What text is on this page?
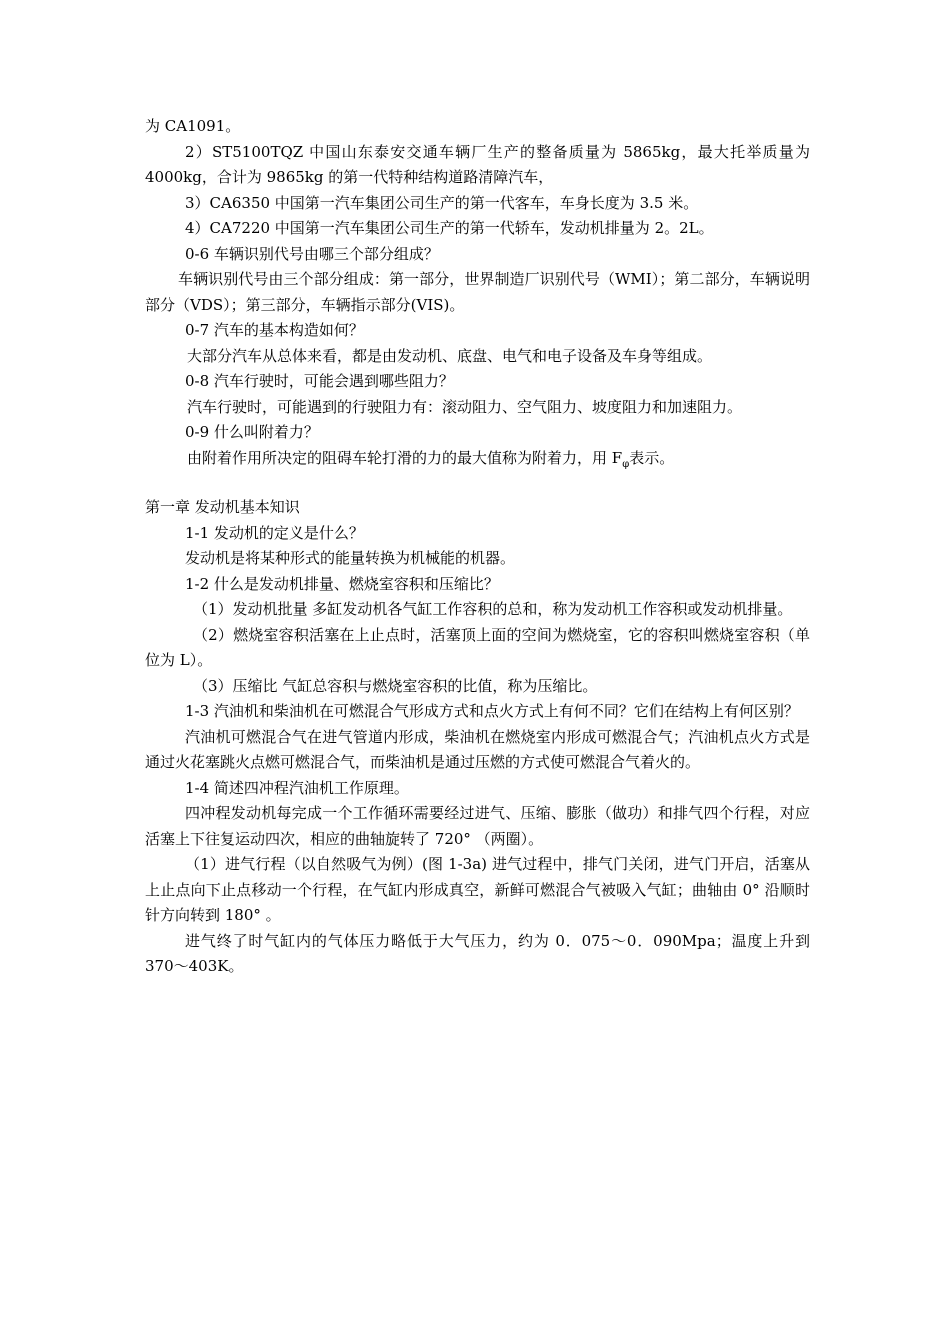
为 CA1091。

2）ST5100TQZ 中国山东泰安交通车辆厂生产的整备质量为 5865kg，最大托举质量为 4000kg，合计为 9865kg 的第一代特种结构道路清障汽车，

3）CA6350 中国第一汽车集团公司生产的第一代客车，车身长度为 3.5 米。

4）CA7220 中国第一汽车集团公司生产的第一代轿车，发动机排量为 2。2L。

0-6 车辆识别代号由哪三个部分组成？

车辆识别代号由三个部分组成：第一部分，世界制造厂识别代号（WMI）；第二部分，车辆说明部分（VDS）；第三部分，车辆指示部分(VIS)。

0-7 汽车的基本构造如何？

大部分汽车从总体来看，都是由发动机、底盘、电气和电子设备及车身等组成。

0-8 汽车行驶时，可能会遇到哪些阻力？

汽车行驶时，可能遇到的行驶阻力有：滚动阻力、空气阻力、坡度阻力和加速阻力。

0-9 什么叫附着力？

由附着作用所决定的阻碍车轮打滑的力的最大值称为附着力，用 $F_\varphi$表示。

第一章 发动机基本知识

1-1 发动机的定义是什么？

发动机是将某种形式的能量转换为机械能的机器。

1-2 什么是发动机排量、燃烧室容积和压缩比？

（1）发动机批量 多缸发动机各气缸工作容积的总和，称为发动机工作容积或发动机排量。

（2）燃烧室容积活塞在上止点时，活塞顶上面的空间为燃烧室，它的容积叫燃烧室容积（单位为 L）。

（3）压缩比 气缸总容积与燃烧室容积的比值，称为压缩比。

1-3 汽油机和柴油机在可燃混合气形成方式和点火方式上有何不同？它们在结构上有何区别？

汽油机可燃混合气在进气管道内形成，柴油机在燃烧室内形成可燃混合气；汽油机点火方式是通过火花塞跳火点燃可燃混合气，而柴油机是通过压燃的方式使可燃混合气着火的。

1-4 简述四冲程汽油机工作原理。

四冲程发动机每完成一个工作循环需要经过进气、压缩、膨胀（做功）和排气四个行程，对应活塞上下往复运动四次，相应的曲轴旋转了 720° （两圈）。

（1）进气行程（以自然吸气为例）(图 1-3a) 进气过程中，排气门关闭，进气门开启，活塞从上止点向下止点移动一个行程，在气缸内形成真空，新鲜可燃混合气被吸入气缸；曲轴由 0° 沿顺时针方向转到 180° 。

进气终了时气缸内的气体压力略低于大气压力，约为 0．075～0．090Mpa；温度上升到 370～403K。
